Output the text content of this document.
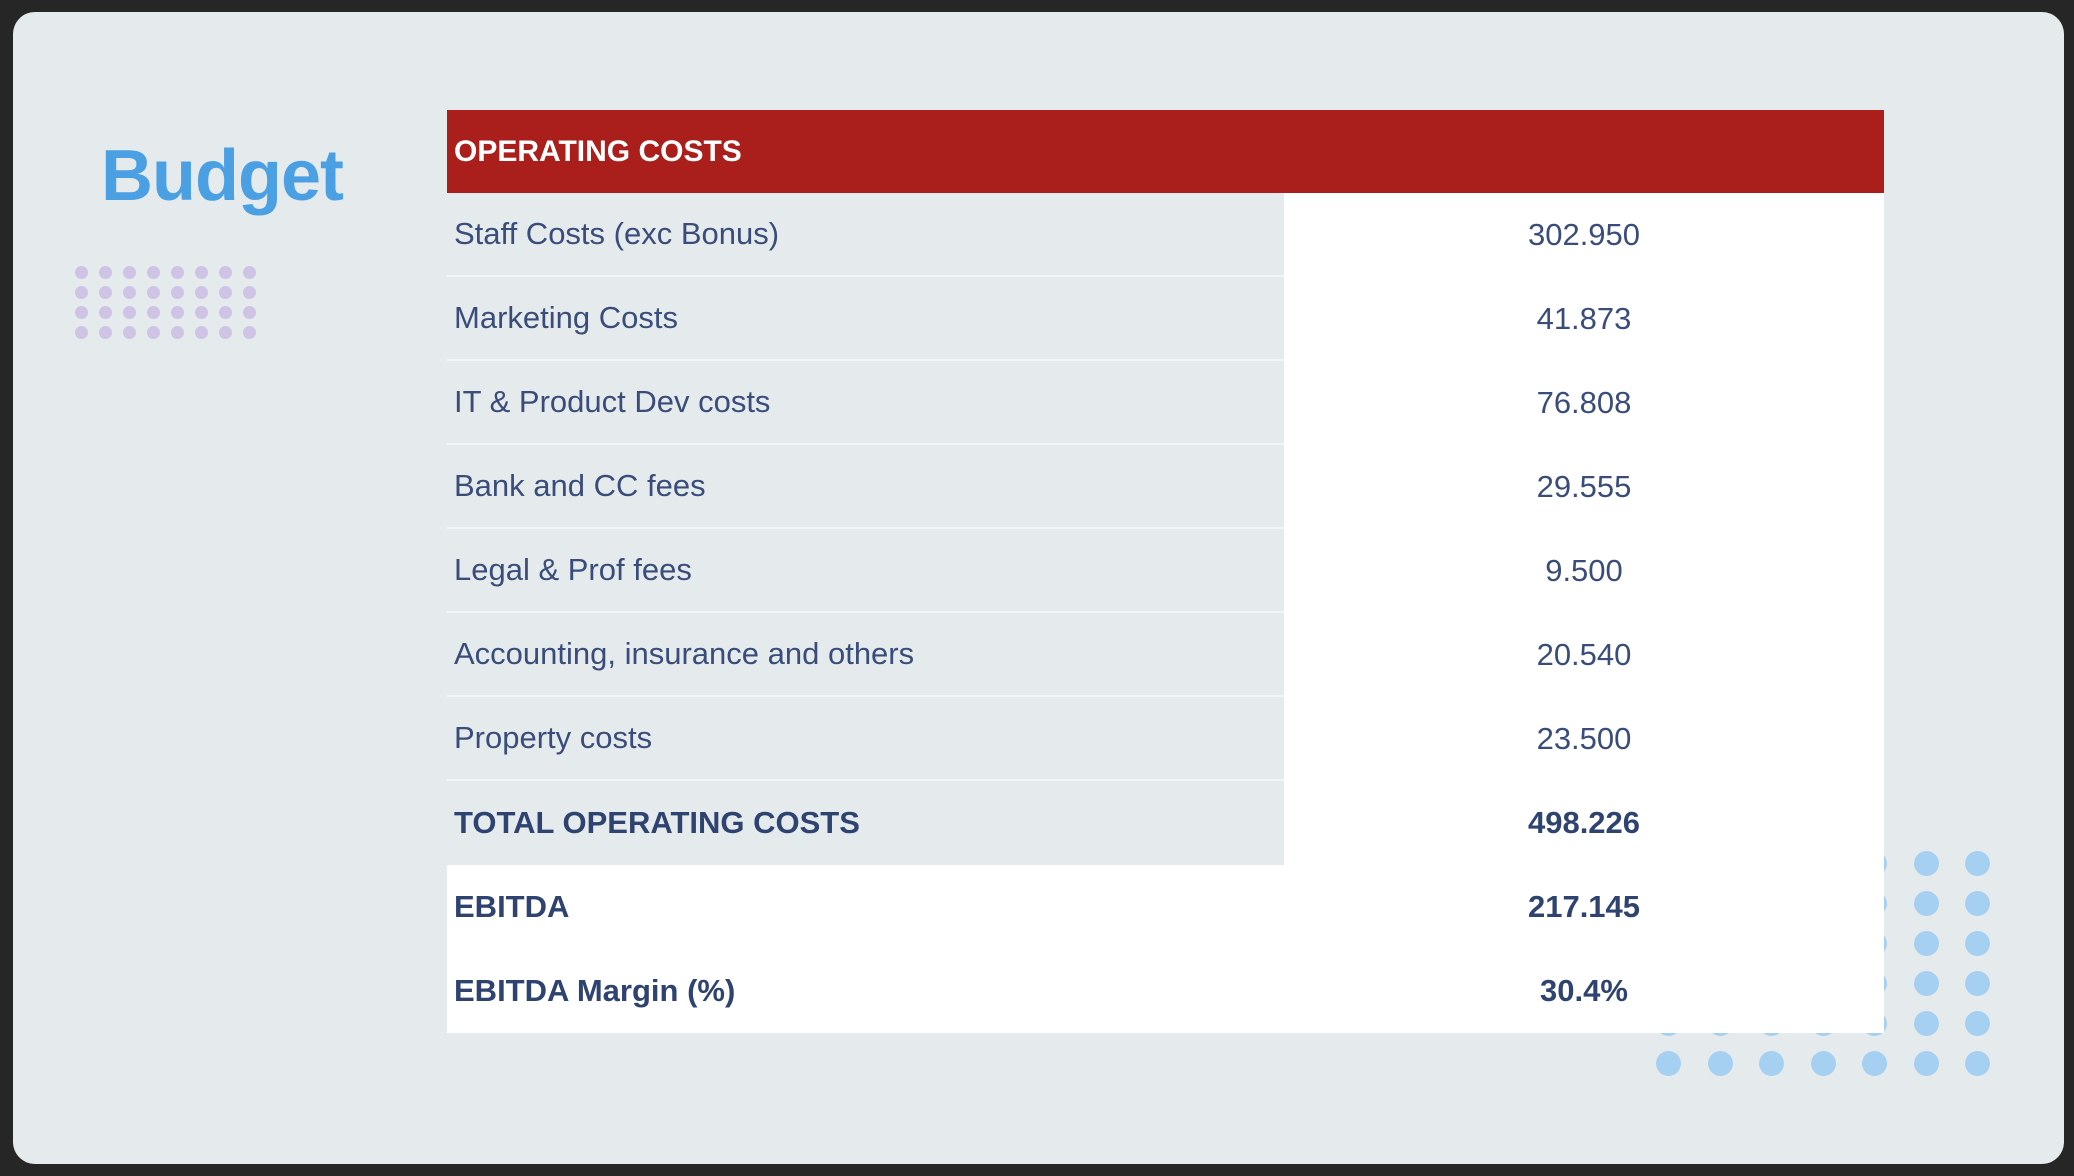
Budget	OPERATING COSTS
Staff Costs (exc Bonus)	302.950
Marketing Costs	41.873
IT & Product Dev costs	76.808
Bank and CC fees	29.555
Legal & Prof fees	9.500
Accounting, insurance and others	20.540
Property costs	23.500
TOTAL OPERATING COSTS	498.226
EBITDA	217.145
EBITDA Margin (%)	30.4%
